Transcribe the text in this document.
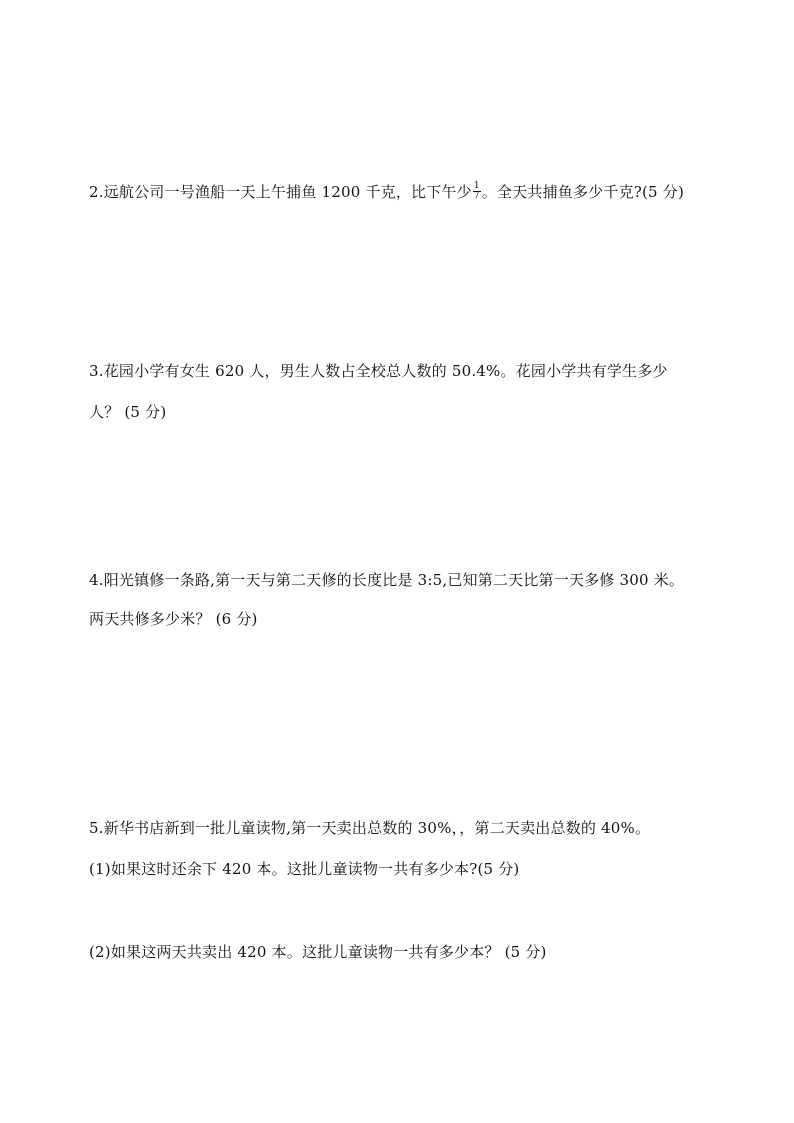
2.远航公司一号渔船一天上午捕鱼 1200 千克，比下午少 $\frac{1}{7}$ 。全天共捕鱼多少千克?(5 分)
3.花园小学有女生 620 人，男生人数占全校总人数的 50.4%。花园小学共有学生多少
人？ (5 分)
4.阳光镇修一条路,第一天与第二天修的长度比是 3:5,已知第二天比第一天多修 300 米。
两天共修多少米？ (6 分)
5.新华书店新到一批儿童读物,第一天卖出总数的 30%，，第二天卖出总数的 40%。
(1)如果这时还余下 420 本。这批儿童读物一共有多少本?(5 分)
(2)如果这两天共卖出 420 本。这批儿童读物一共有多少本？ (5 分)
